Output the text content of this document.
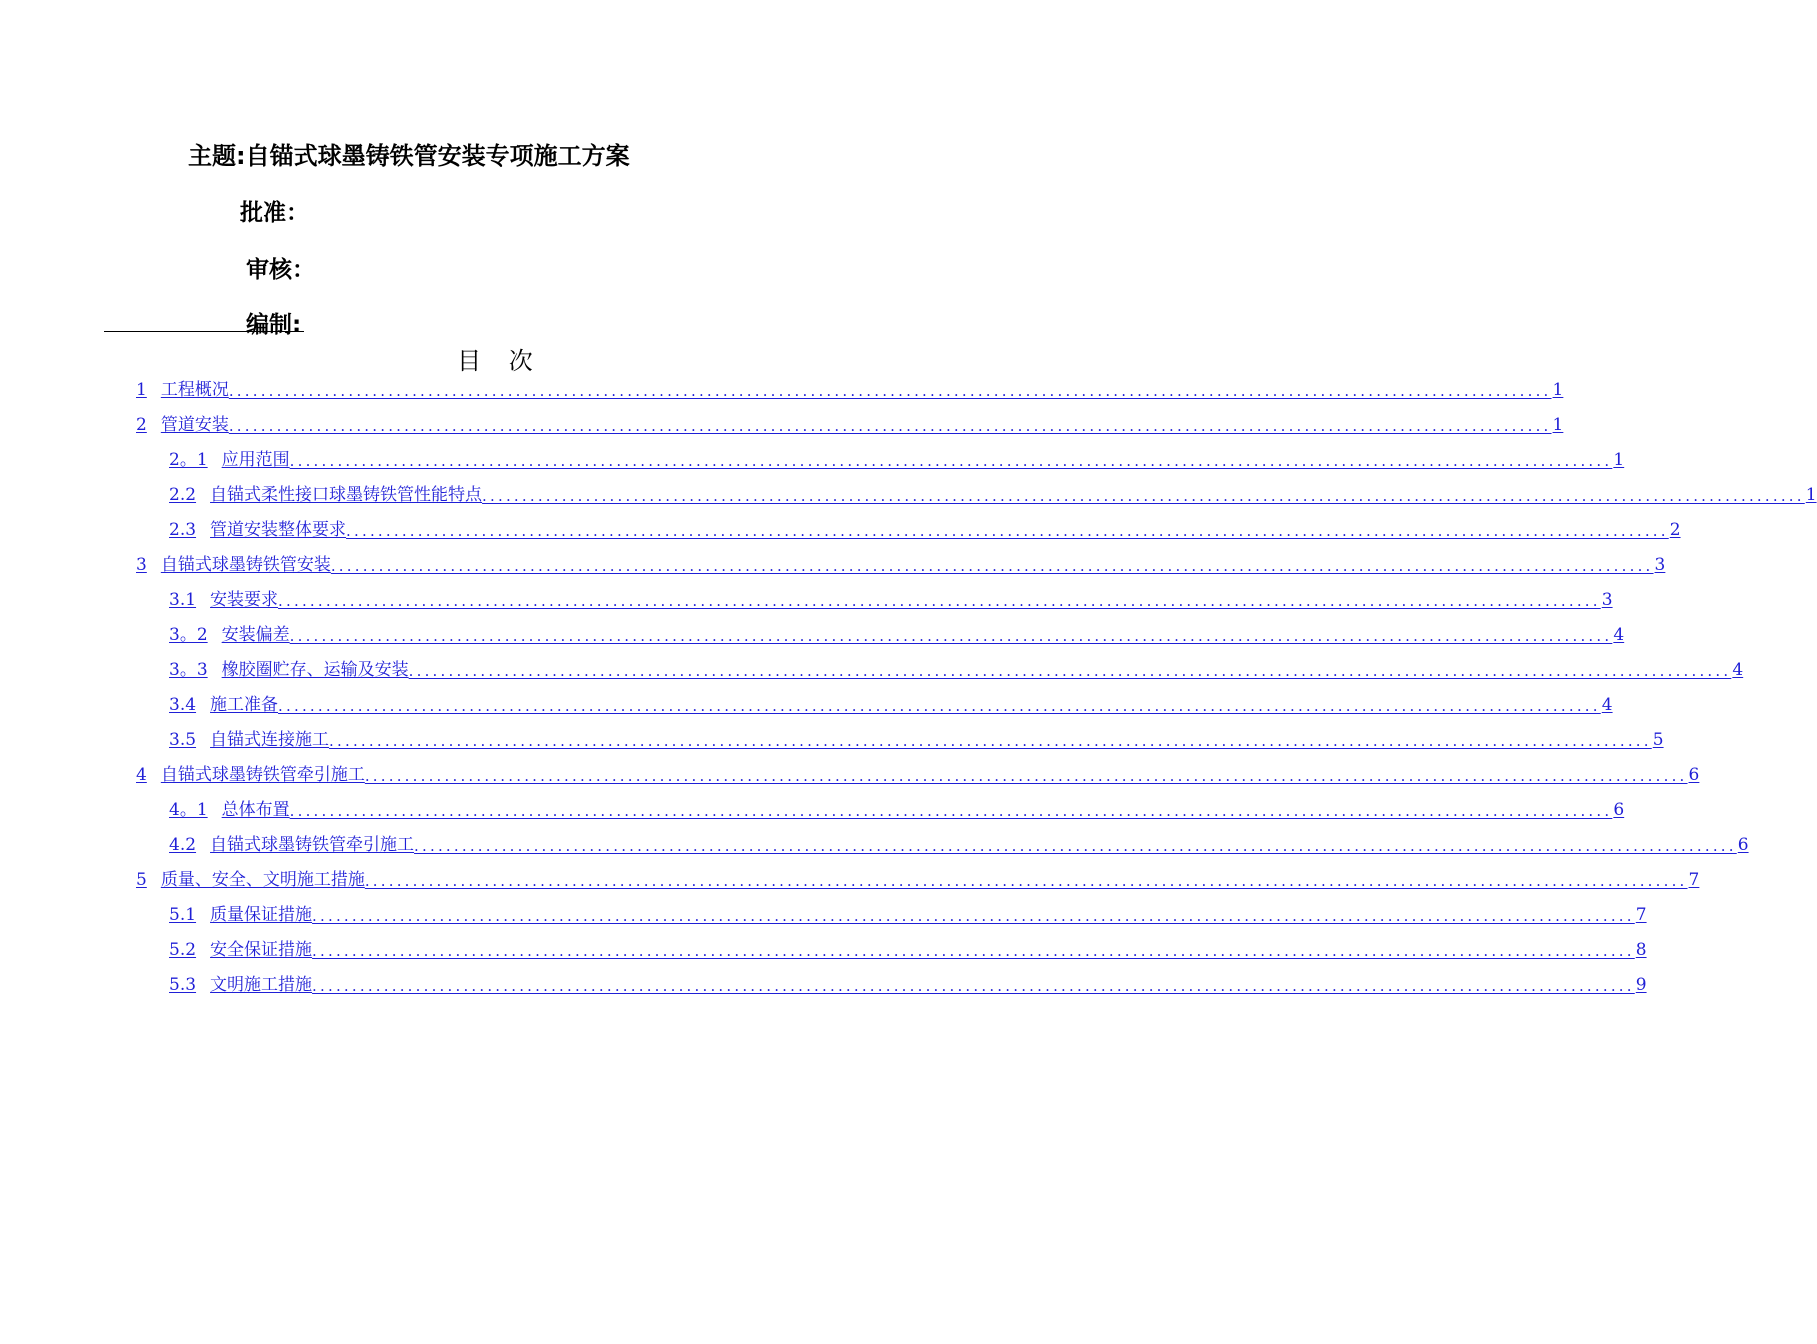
主题:自锚式球墨铸铁管安装专项施工方案
批准：
审核：
编制:
目 次
1 工程概况 ...................................................................................................................................................................... 1
2 管道安装 ...................................................................................................................................................................... 1
2。1 应用范围 ...................................................................................................................................................................... 1
2.2 自锚式柔性接口球墨铸铁管性能特点 ...................................................................................................................................................................... 1
2.3 管道安装整体要求 ...................................................................................................................................................................... 2
3 自锚式球墨铸铁管安装 ...................................................................................................................................................................... 3
3.1 安装要求 ...................................................................................................................................................................... 3
3。2 安装偏差 ...................................................................................................................................................................... 4
3。3 橡胶圈贮存、运输及安装 ...................................................................................................................................................................... 4
3.4 施工准备 ...................................................................................................................................................................... 4
3.5 自锚式连接施工 ...................................................................................................................................................................... 5
4 自锚式球墨铸铁管牵引施工 ...................................................................................................................................................................... 6
4。1 总体布置 ...................................................................................................................................................................... 6
4.2 自锚式球墨铸铁管牵引施工 ...................................................................................................................................................................... 6
5 质量、安全、文明施工措施 ...................................................................................................................................................................... 7
5.1 质量保证措施 ...................................................................................................................................................................... 7
5.2 安全保证措施 ...................................................................................................................................................................... 8
5.3 文明施工措施 ...................................................................................................................................................................... 9
